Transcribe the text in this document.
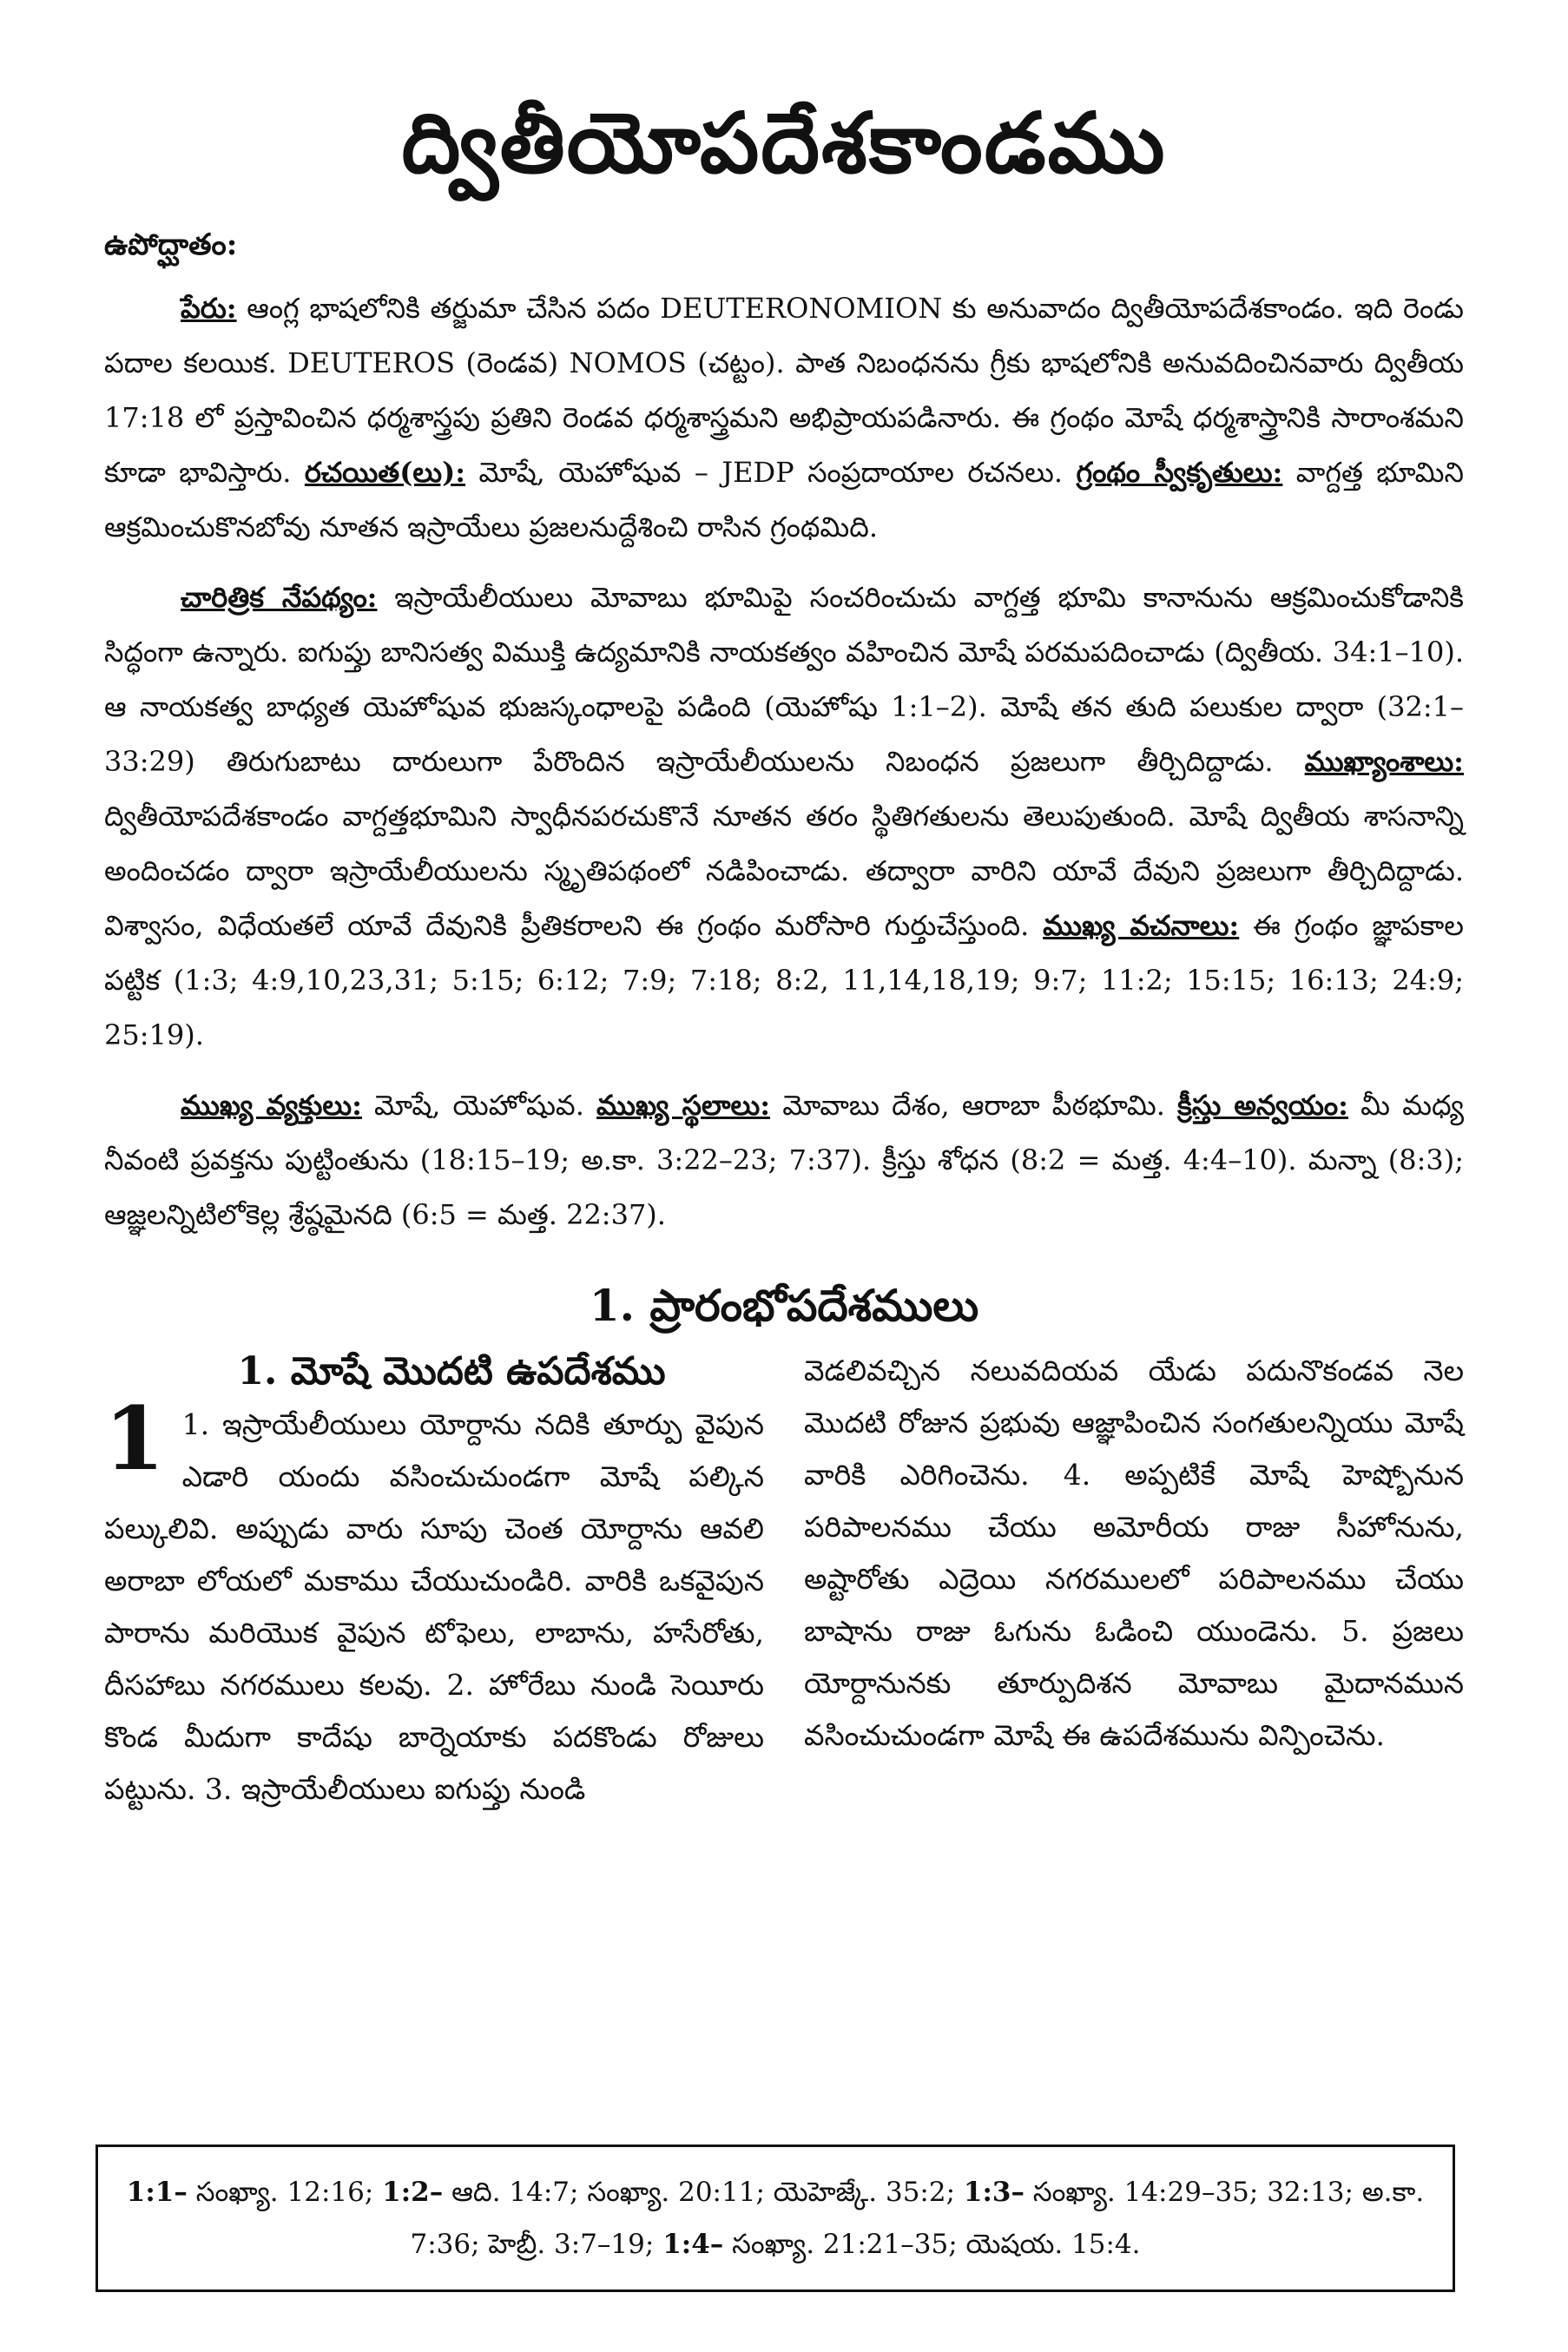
ద్వితీయోపదేశకాండము
ఉపోద్ఘాతం:

పేరు: ఆంగ్ల భాషలోనికి తర్జుమా చేసిన పదం DEUTERONOMION కు అనువాదం ద్వితీయోపదేశకాండం. ఇది రెండు పదాల కలయిక. DEUTEROS (రెండవ) NOMOS (చట్టం). పాత నిబంధనను గ్రీకు భాషలోనికి అనువదించినవారు ద్వితీయ 17:18 లో ప్రస్తావించిన ధర్మశాస్త్రపు ప్రతిని రెండవ ధర్మశాస్త్రమని అభిప్రాయపడినారు. ఈ గ్రంథం మోషే ధర్మశాస్త్రానికి సారాంశమని కూడా భావిస్తారు. రచయిత(లు): మోషే, యెహోషువ – JEDP సంప్రదాయాల రచనలు. గ్రంథం స్వీకృతులు: వాగ్దత్త భూమిని ఆక్రమించుకొనబోవు నూతన ఇస్రాయేలు ప్రజలనుద్దేశించి రాసిన గ్రంథమిది.

చారిత్రిక నేపథ్యం: ఇస్రాయేలీయులు మోవాబు భూమిపై సంచరించుచు వాగ్దత్త భూమి కానానును ఆక్రమించుకోడానికి సిద్ధంగా ఉన్నారు. ఐగుప్తు బానిసత్వ విముక్తి ఉద్యమానికి నాయకత్వం వహించిన మోషే పరమపదించాడు (ద్వితీయ. 34:1–10). ఆ నాయకత్వ బాధ్యత యెహోషువ భుజస్కంధాలపై పడింది (యెహోషు 1:1–2). మోషే తన తుది పలుకుల ద్వారా (32:1–33:29) తిరుగుబాటు దారులుగా పేరొందిన ఇస్రాయేలీయులను నిబంధన ప్రజలుగా తీర్చిదిద్దాడు. ముఖ్యాంశాలు: ద్వితీయోపదేశకాండం వాగ్దత్తభూమిని స్వాధీనపరచుకొనే నూతన తరం స్థితిగతులను తెలుపుతుంది. మోషే ద్వితీయ శాసనాన్ని అందించడం ద్వారా ఇస్రాయేలీయులను స్మృతిపథంలో నడిపించాడు. తద్వారా వారిని యావే దేవుని ప్రజలుగా తీర్చిదిద్దాడు. విశ్వాసం, విధేయతలే యావే దేవునికి ప్రీతికరాలని ఈ గ్రంథం మరోసారి గుర్తుచేస్తుంది. ముఖ్య వచనాలు: ఈ గ్రంథం జ్ఞాపకాల పట్టిక (1:3; 4:9,10,23,31; 5:15; 6:12; 7:9; 7:18; 8:2, 11,14,18,19; 9:7; 11:2; 15:15; 16:13; 24:9; 25:19).

ముఖ్య వ్యక్తులు: మోషే, యెహోషువ. ముఖ్య స్థలాలు: మోవాబు దేశం, ఆరాబా పీఠభూమి. క్రీస్తు అన్వయం: మీ మధ్య నీవంటి ప్రవక్తను పుట్టింతును (18:15–19; అ.కా. 3:22–23; 7:37). క్రీస్తు శోధన (8:2 = మత్త. 4:4–10). మన్నా (8:3); ఆజ్ఞలన్నిటిలోకెల్ల శ్రేష్ఠమైనది (6:5 = మత్త. 22:37).

1. ప్రారంభోపదేశములు
1. మోషే మొదటి ఉపదేశము
1 1. ఇస్రాయేలీయులు యోర్దాను నదికి తూర్పు వైపున ఎడారి యందు వసించుచుండగా మోషే పల్కిన పల్కులివి. అప్పుడు వారు సూపు చెంత యోర్దాను ఆవలి అరాబా లోయలో మకాము చేయుచుండిరి. వారికి ఒకవైపున పారాను మరియొక వైపున టోఫెలు, లాబాను, హసేరోతు, దీసహాబు నగరములు కలవు. 2. హోరేబు నుండి సెయీరు కొండ మీదుగా కాదేషు బార్నెయాకు పదకొండు రోజులు పట్టును. 3. ఇస్రాయేలీయులు ఐగుప్తు నుండి
వెడలివచ్చిన నలువదియవ యేడు పదునొకండవ నెల మొదటి రోజున ప్రభువు ఆజ్ఞాపించిన సంగతులన్నియు మోషే వారికి ఎరిగించెను. 4. అప్పటికే మోషే హెష్బోనున పరిపాలనము చేయు అమోరీయ రాజు సీహోనును, అష్టారోతు ఎద్రెయి నగరములలో పరిపాలనము చేయు బాషాను రాజు ఓగును ఓడించి యుండెను. 5. ప్రజలు యోర్దానునకు తూర్పుదిశన మోవాబు మైదానమున వసించుచుండగా మోషే ఈ ఉపదేశమును విన్పించెను.
1:1– సంఖ్యా. 12:16; 1:2– ఆది. 14:7; సంఖ్యా. 20:11; యెహెజ్కే. 35:2; 1:3– సంఖ్యా. 14:29–35; 32:13; అ.కా. 7:36; హెబ్రీ. 3:7–19; 1:4– సంఖ్యా. 21:21–35; యెషయ. 15:4.
